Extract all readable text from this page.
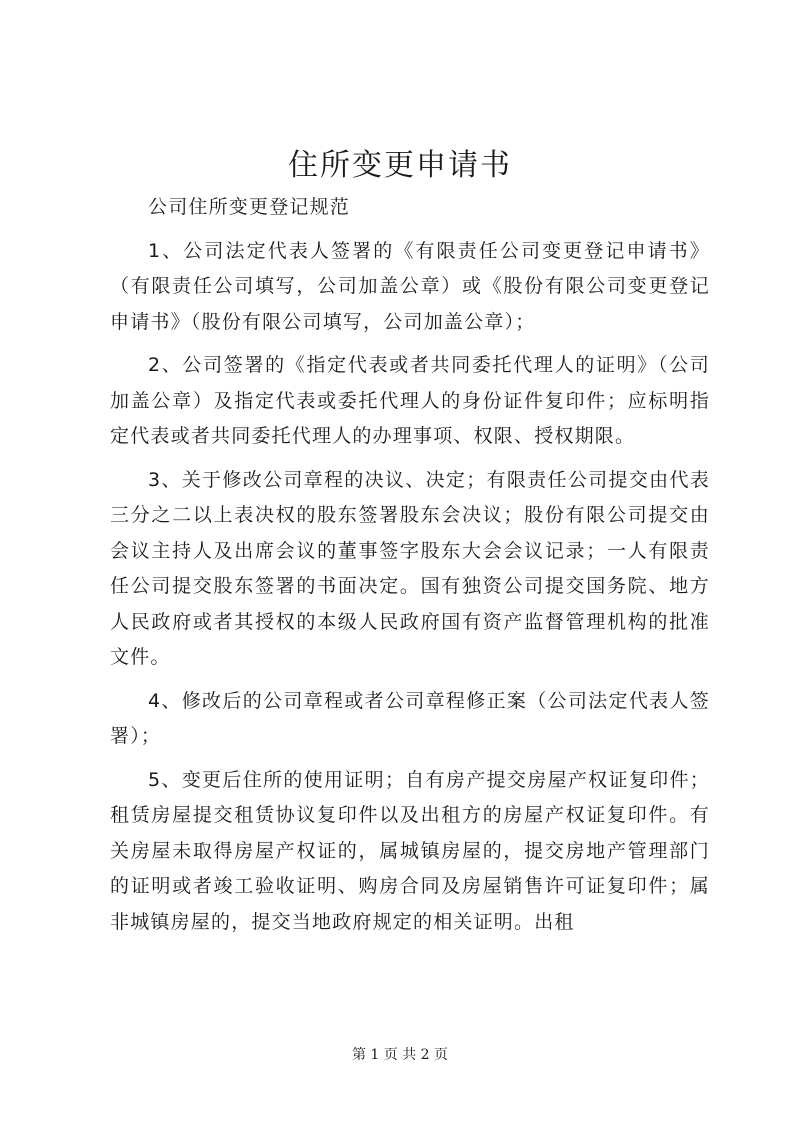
住所变更申请书

公司住所变更登记规范

1、公司法定代表人签署的《有限责任公司变更登记申请书》（有限责任公司填写，公司加盖公章）或《股份有限公司变更登记申请书》（股份有限公司填写，公司加盖公章）；

2、公司签署的《指定代表或者共同委托代理人的证明》（公司加盖公章）及指定代表或委托代理人的身份证件复印件；应标明指定代表或者共同委托代理人的办理事项、权限、授权期限。

3、关于修改公司章程的决议、决定；有限责任公司提交由代表三分之二以上表决权的股东签署股东会决议；股份有限公司提交由会议主持人及出席会议的董事签字股东大会会议记录；一人有限责任公司提交股东签署的书面决定。国有独资公司提交国务院、地方人民政府或者其授权的本级人民政府国有资产监督管理机构的批准文件。

4、修改后的公司章程或者公司章程修正案（公司法定代表人签署）；

5、变更后住所的使用证明；自有房产提交房屋产权证复印件；租赁房屋提交租赁协议复印件以及出租方的房屋产权证复印件。有关房屋未取得房屋产权证的，属城镇房屋的，提交房地产管理部门的证明或者竣工验收证明、购房合同及房屋销售许可证复印件；属非城镇房屋的，提交当地政府规定的相关证明。出租

第 1 页 共 2 页
